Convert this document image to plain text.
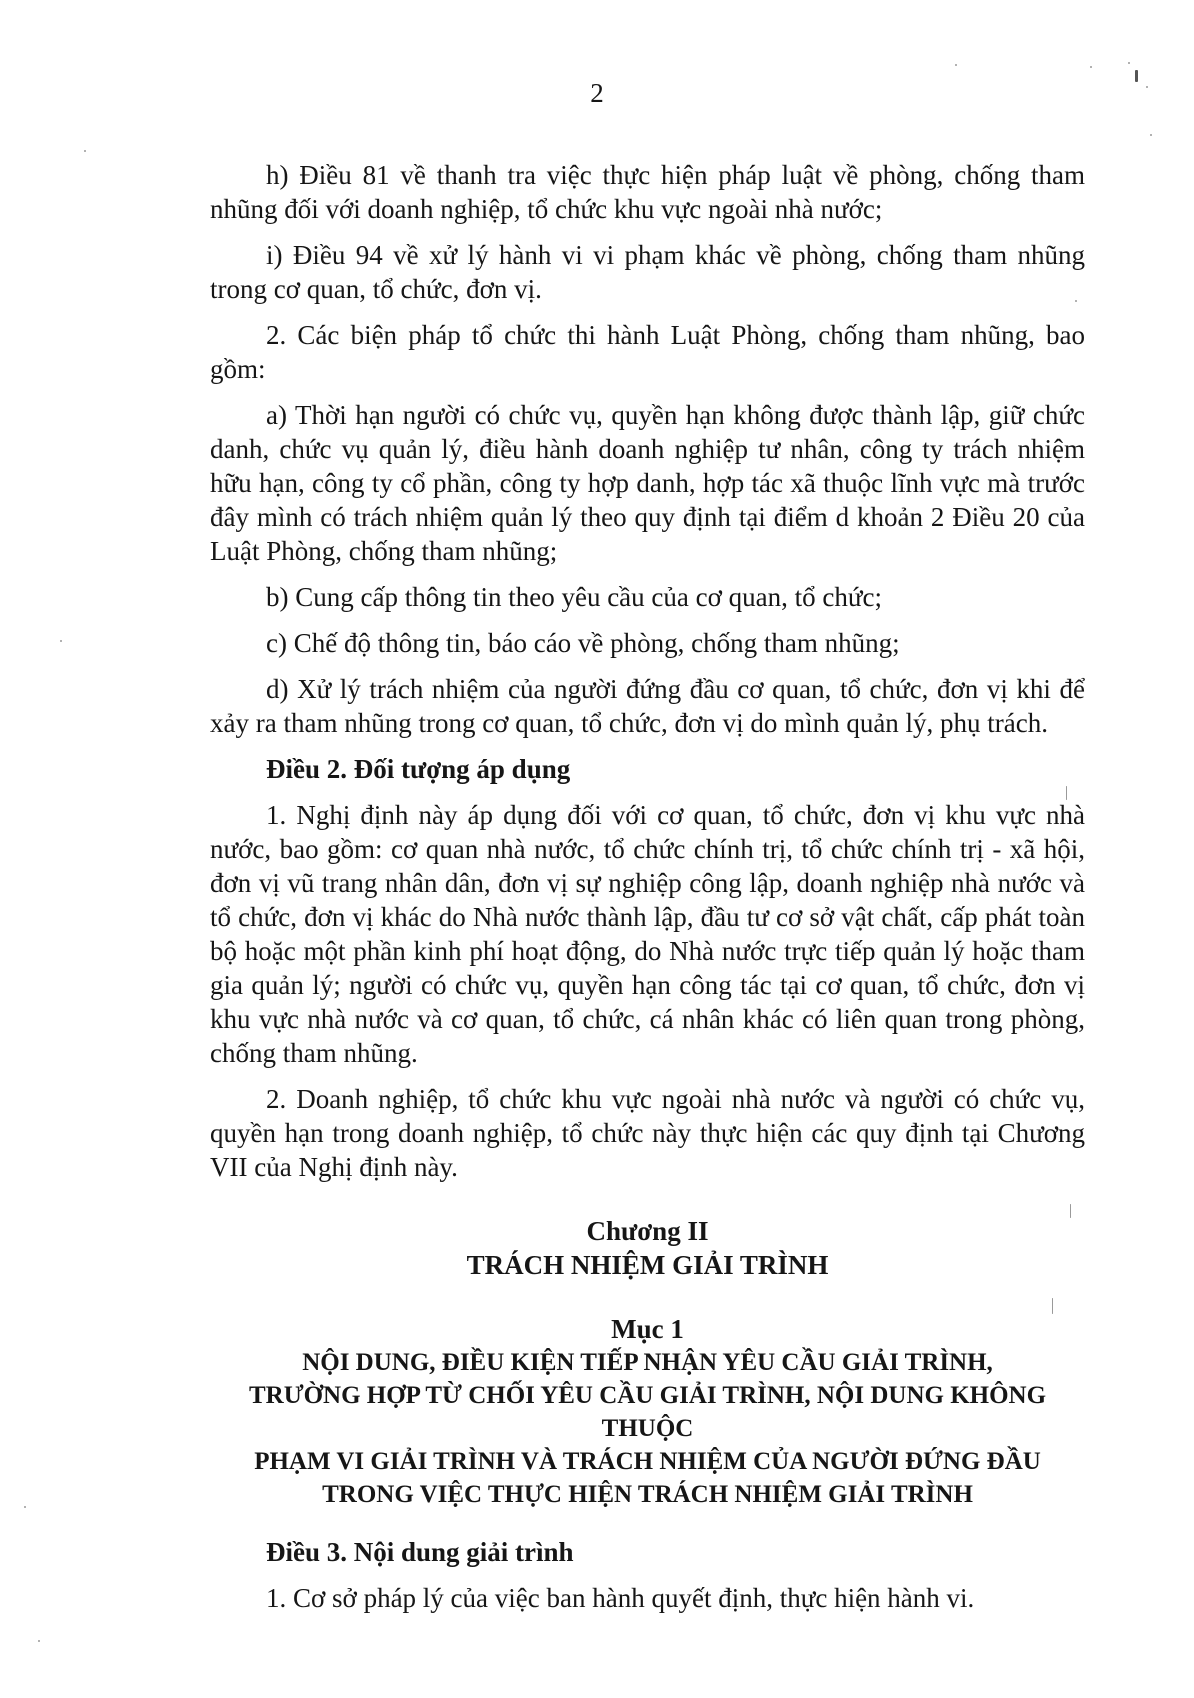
2

h) Điều 81 về thanh tra việc thực hiện pháp luật về phòng, chống tham nhũng đối với doanh nghiệp, tổ chức khu vực ngoài nhà nước;

i) Điều 94 về xử lý hành vi vi phạm khác về phòng, chống tham nhũng trong cơ quan, tổ chức, đơn vị.

2. Các biện pháp tổ chức thi hành Luật Phòng, chống tham nhũng, bao gồm:

a) Thời hạn người có chức vụ, quyền hạn không được thành lập, giữ chức danh, chức vụ quản lý, điều hành doanh nghiệp tư nhân, công ty trách nhiệm hữu hạn, công ty cổ phần, công ty hợp danh, hợp tác xã thuộc lĩnh vực mà trước đây mình có trách nhiệm quản lý theo quy định tại điểm d khoản 2 Điều 20 của Luật Phòng, chống tham nhũng;

b) Cung cấp thông tin theo yêu cầu của cơ quan, tổ chức;

c) Chế độ thông tin, báo cáo về phòng, chống tham nhũng;

d) Xử lý trách nhiệm của người đứng đầu cơ quan, tổ chức, đơn vị khi để xảy ra tham nhũng trong cơ quan, tổ chức, đơn vị do mình quản lý, phụ trách.

Điều 2. Đối tượng áp dụng

1. Nghị định này áp dụng đối với cơ quan, tổ chức, đơn vị khu vực nhà nước, bao gồm: cơ quan nhà nước, tổ chức chính trị, tổ chức chính trị - xã hội, đơn vị vũ trang nhân dân, đơn vị sự nghiệp công lập, doanh nghiệp nhà nước và tổ chức, đơn vị khác do Nhà nước thành lập, đầu tư cơ sở vật chất, cấp phát toàn bộ hoặc một phần kinh phí hoạt động, do Nhà nước trực tiếp quản lý hoặc tham gia quản lý; người có chức vụ, quyền hạn công tác tại cơ quan, tổ chức, đơn vị khu vực nhà nước và cơ quan, tổ chức, cá nhân khác có liên quan trong phòng, chống tham nhũng.

2. Doanh nghiệp, tổ chức khu vực ngoài nhà nước và người có chức vụ, quyền hạn trong doanh nghiệp, tổ chức này thực hiện các quy định tại Chương VII của Nghị định này.

Chương II
TRÁCH NHIỆM GIẢI TRÌNH
Mục 1

NỘI DUNG, ĐIỀU KIỆN TIẾP NHẬN YÊU CẦU GIẢI TRÌNH,

TRƯỜNG HỢP TỪ CHỐI YÊU CẦU GIẢI TRÌNH, NỘI DUNG KHÔNG THUỘC

PHẠM VI GIẢI TRÌNH VÀ TRÁCH NHIỆM CỦA NGƯỜI ĐỨNG ĐẦU

TRONG VIỆC THỰC HIỆN TRÁCH NHIỆM GIẢI TRÌNH

Điều 3. Nội dung giải trình

1. Cơ sở pháp lý của việc ban hành quyết định, thực hiện hành vi.
